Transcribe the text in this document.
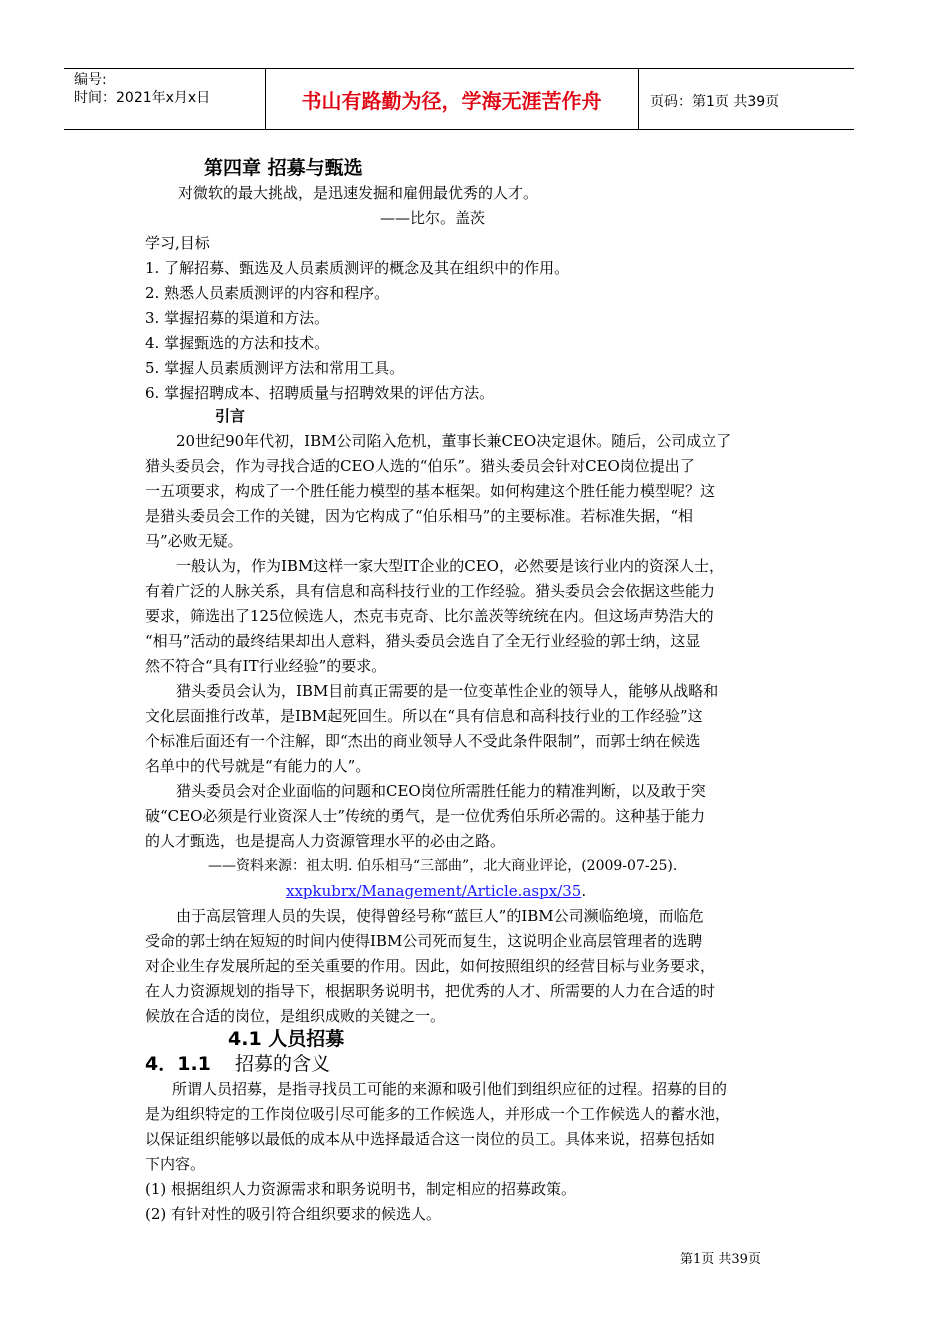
编号:
时间：2021年x月x日	书山有路勤为径，学海无涯苦作舟	页码：第1页 共39页
第四章 招募与甄选
对微软的最大挑战，是迅速发掘和雇佣最优秀的人才。
——比尔。盖茨
学习,目标
1. 了解招募、甄选及人员素质测评的概念及其在组织中的作用。
2. 熟悉人员素质测评的内容和程序。
3. 掌握招募的渠道和方法。
4. 掌握甄选的方法和技术。
5. 掌握人员素质测评方法和常用工具。
6. 掌握招聘成本、招聘质量与招聘效果的评估方法。
引言
20世纪90年代初，IBM公司陷入危机，董事长兼CEO决定退休。随后，公司成立了
猎头委员会，作为寻找合适的CEO人选的“伯乐”。猎头委员会针对CEO岗位提出了
一五项要求，构成了一个胜任能力模型的基本框架。如何构建这个胜任能力模型呢？这
是猎头委员会工作的关键，因为它构成了“伯乐相马”的主要标准。若标准失据，“相
马”必败无疑。
一般认为，作为IBM这样一家大型IT企业的CEO，必然要是该行业内的资深人士，
有着广泛的人脉关系，具有信息和高科技行业的工作经验。猎头委员会会依据这些能力
要求，筛选出了125位候选人，杰克韦克奇、比尔盖茨等统统在内。但这场声势浩大的
“相马”活动的最终结果却出人意料，猎头委员会选自了全无行业经验的郭士纳，这显
然不符合“具有IT行业经验”的要求。
猎头委员会认为，IBM目前真正需要的是一位变革性企业的领导人，能够从战略和
文化层面推行改革，是IBM起死回生。所以在“具有信息和高科技行业的工作经验”这
个标准后面还有一个注解，即“杰出的商业领导人不受此条件限制”，而郭士纳在候选
名单中的代号就是“有能力的人”。
猎头委员会对企业面临的问题和CEO岗位所需胜任能力的精准判断，以及敢于突
破“CEO必须是行业资深人士”传统的勇气，是一位优秀伯乐所必需的。这种基于能力
的人才甄选，也是提高人力资源管理水平的必由之路。
——资料来源：祖太明. 伯乐相马“三部曲”，北大商业评论，(2009-07-25).
xxpkubrx/Management/Article.aspx/35.
由于高层管理人员的失误，使得曾经号称“蓝巨人”的IBM公司濒临绝境，而临危
受命的郭士纳在短短的时间内使得IBM公司死而复生，这说明企业高层管理者的选聘
对企业生存发展所起的至关重要的作用。因此，如何按照组织的经营目标与业务要求，
在人力资源规划的指导下，根据职务说明书，把优秀的人才、所需要的人力在合适的时
候放在合适的岗位，是组织成败的关键之一。
4.1 人员招募
4．1.1 招募的含义
所谓人员招募，是指寻找员工可能的来源和吸引他们到组织应征的过程。招募的目的
是为组织特定的工作岗位吸引尽可能多的工作候选人，并形成一个工作候选人的蓄水池，
以保证组织能够以最低的成本从中选择最适合这一岗位的员工。具体来说，招募包括如
下内容。
(1) 根据组织人力资源需求和职务说明书，制定相应的招募政策。
(2) 有针对性的吸引符合组织要求的候选人。
第1页 共39页
